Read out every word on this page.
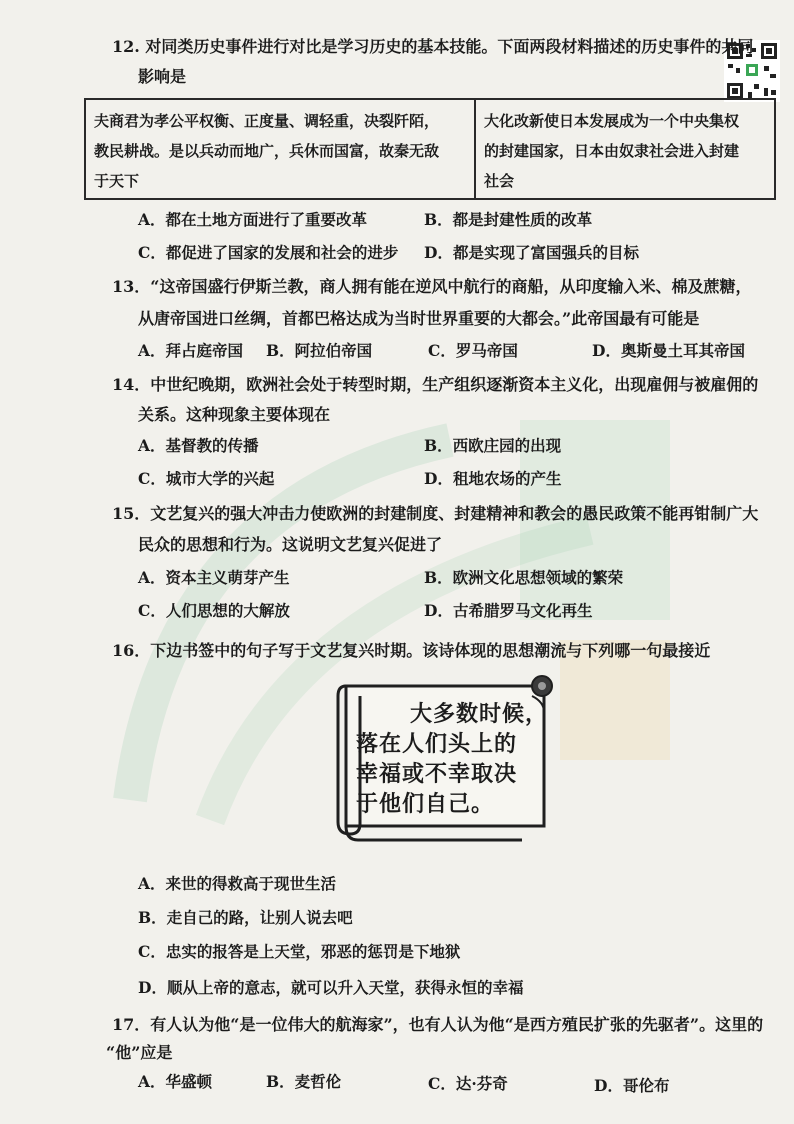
12. 对同类历史事件进行对比是学习历史的基本技能。下面两段材料描述的历史事件的共同
影响是
夫商君为孝公平权衡、正度量、调轻重，决裂阡陌，
教民耕战。是以兵动而地广，兵休而国富，故秦无敌
于天下
大化改新使日本发展成为一个中央集权
的封建国家，日本由奴隶社会进入封建
社会
A．都在土地方面进行了重要改革	B．都是封建性质的改革
C．都促进了国家的发展和社会的进步 D．都是实现了富国强兵的目标
13．“这帝国盛行伊斯兰教，商人拥有能在逆风中航行的商船，从印度输入米、棉及蔗糖，
从唐帝国进口丝绸，首都巴格达成为当时世界重要的大都会。”此帝国最有可能是
A．拜占庭帝国 B．阿拉伯帝国	C．罗马帝国	D．奥斯曼土耳其帝国
14．中世纪晚期，欧洲社会处于转型时期，生产组织逐渐资本主义化，出现雇佣与被雇佣的
关系。这种现象主要体现在
A．基督教的传播	B．西欧庄园的出现
C．城市大学的兴起	D．租地农场的产生
15．文艺复兴的强大冲击力使欧洲的封建制度、封建精神和教会的愚民政策不能再钳制广大
民众的思想和行为。这说明文艺复兴促进了
A．资本主义萌芽产生	B．欧洲文化思想领域的繁荣
C．人们思想的大解放	D．古希腊罗马文化再生
16．下边书签中的句子写于文艺复兴时期。该诗体现的思想潮流与下列哪一句最接近
大多数时候，
落在人们头上的
幸福或不幸取决
于他们自己。
A．来世的得救高于现世生活
B．走自己的路，让别人说去吧
C．忠实的报答是上天堂，邪恶的惩罚是下地狱
D．顺从上帝的意志，就可以升入天堂，获得永恒的幸福
17．有人认为他“是一位伟大的航海家”，也有人认为他“是西方殖民扩张的先驱者”。这里的
“他”应是
A．华盛顿	B．麦哲伦	C．达·芬奇	D．哥伦布
